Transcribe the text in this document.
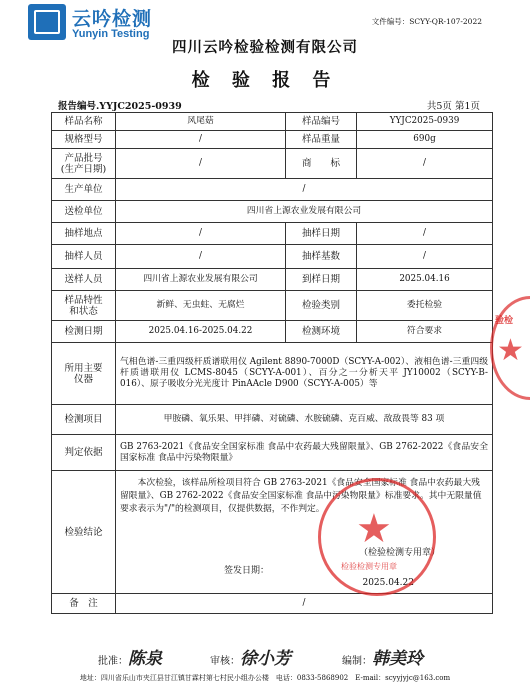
云吟检测
Yunyin Testing
文件编号：SCYY-QR-107-2022
四川云吟检验检测有限公司
检 验 报 告
报告编号.YYJC2025-0939	共5页 第1页
样品名称	风尾菇	样品编号	YYJC2025-0939
规格型号	/	样品重量	690g
产品批号
(生产日期)	/	商　　标	/
生产单位	/		
送检单位	四川省上源农业发展有限公司		
抽样地点	/	抽样日期	/
抽样人员	/	抽样基数	/
送样人员	四川省上源农业发展有限公司	到样日期	2025.04.16
样品特性
和状态	新鲜、无虫蛀、无腐烂	检验类别	委托检验
检测日期	2025.04.16-2025.04.22	检测环境	符合要求
所用主要
仪器	气相色谱-三重四级杆质谱联用仪 Agilent 8890-7000D（SCYY-A-002）、液相色谱-三重四级杆质谱联用仪 LCMS-8045（SCYY-A-001）、百分之一分析天平 JY10002（SCYY-B-016）、原子吸收分光光度计 PinAAcle D900（SCYY-A-005）等		
检测项目	甲胺磷、氧乐果、甲拌磷、对硫磷、水胺硫磷、克百威、敌敌畏等 83 项		
判定依据	GB 2763-2021《食品安全国家标准 食品中农药最大残留限量》、GB 2762-2022《食品安全国家标准 食品中污染物限量》		
检验结论	本次检验，该样品所检项目符合 GB 2763-2021《食品安全国家标准 食品中农药最大残留限量》、GB 2762-2022《食品安全国家标准 食品中污染物限量》标准要求。其中无限量值要求表示为"/"的检测项目，仅提供数据，不作判定。
（检验检测专用章）
签发日期：
2025.04.22		

备　注	/		
★
检验检测专用章
验检
★
批准： 陈泉	审核： 徐小芳	编制： 韩美玲
地址：四川省乐山市夹江县甘江镇甘霖村第七村民小组办公楼　电话：0833-5868902　E-mail：scyyjyjc@163.com
